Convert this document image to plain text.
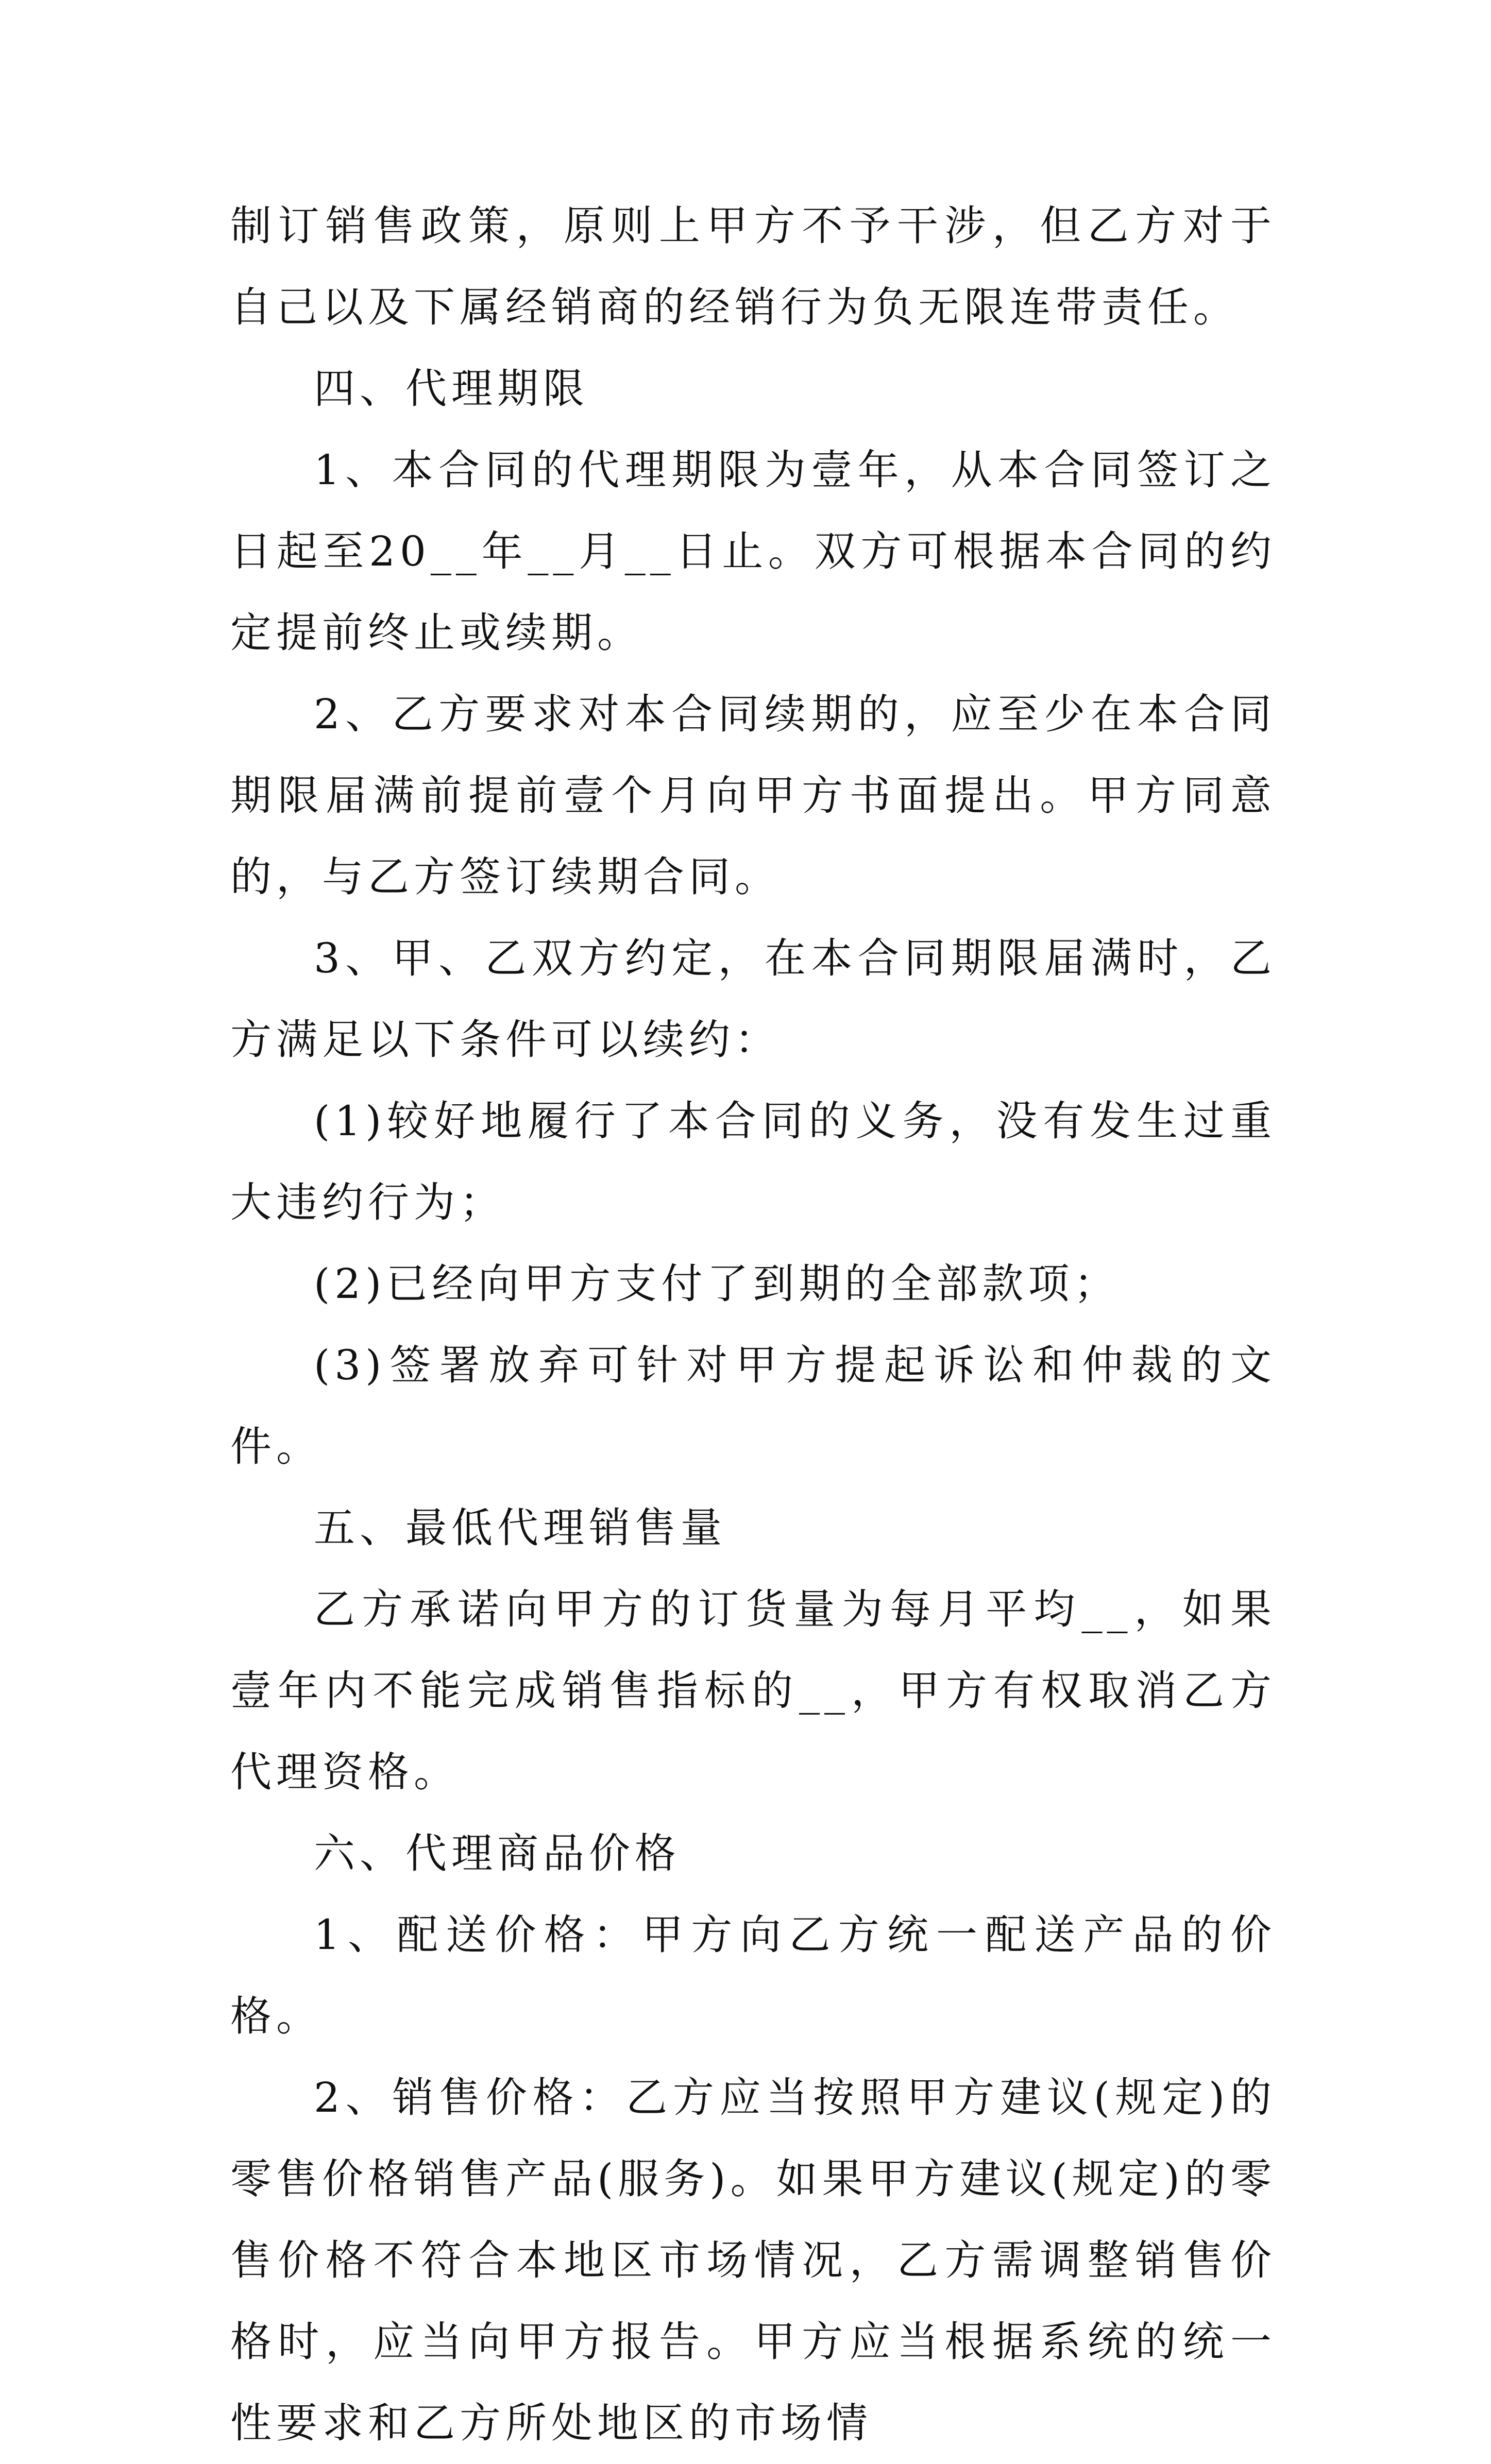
制订销售政策，原则上甲方不予干涉，但乙方对于自己以及下属经销商的经销行为负无限连带责任。

四、代理期限

1、本合同的代理期限为壹年，从本合同签订之日起至20__年__月__日止。双方可根据本合同的约定提前终止或续期。

2、乙方要求对本合同续期的，应至少在本合同期限届满前提前壹个月向甲方书面提出。甲方同意的，与乙方签订续期合同。

3、甲、乙双方约定，在本合同期限届满时，乙方满足以下条件可以续约：

(1)较好地履行了本合同的义务，没有发生过重大违约行为；

(2)已经向甲方支付了到期的全部款项；

(3)签署放弃可针对甲方提起诉讼和仲裁的文件。

五、最低代理销售量

乙方承诺向甲方的订货量为每月平均__，如果壹年内不能完成销售指标的__，甲方有权取消乙方代理资格。

六、代理商品价格

1、配送价格：甲方向乙方统一配送产品的价格。

2、销售价格：乙方应当按照甲方建议(规定)的零售价格销售产品(服务)。如果甲方建议(规定)的零售价格不符合本地区市场情况，乙方需调整销售价格时，应当向甲方报告。甲方应当根据系统的统一性要求和乙方所处地区的市场情
